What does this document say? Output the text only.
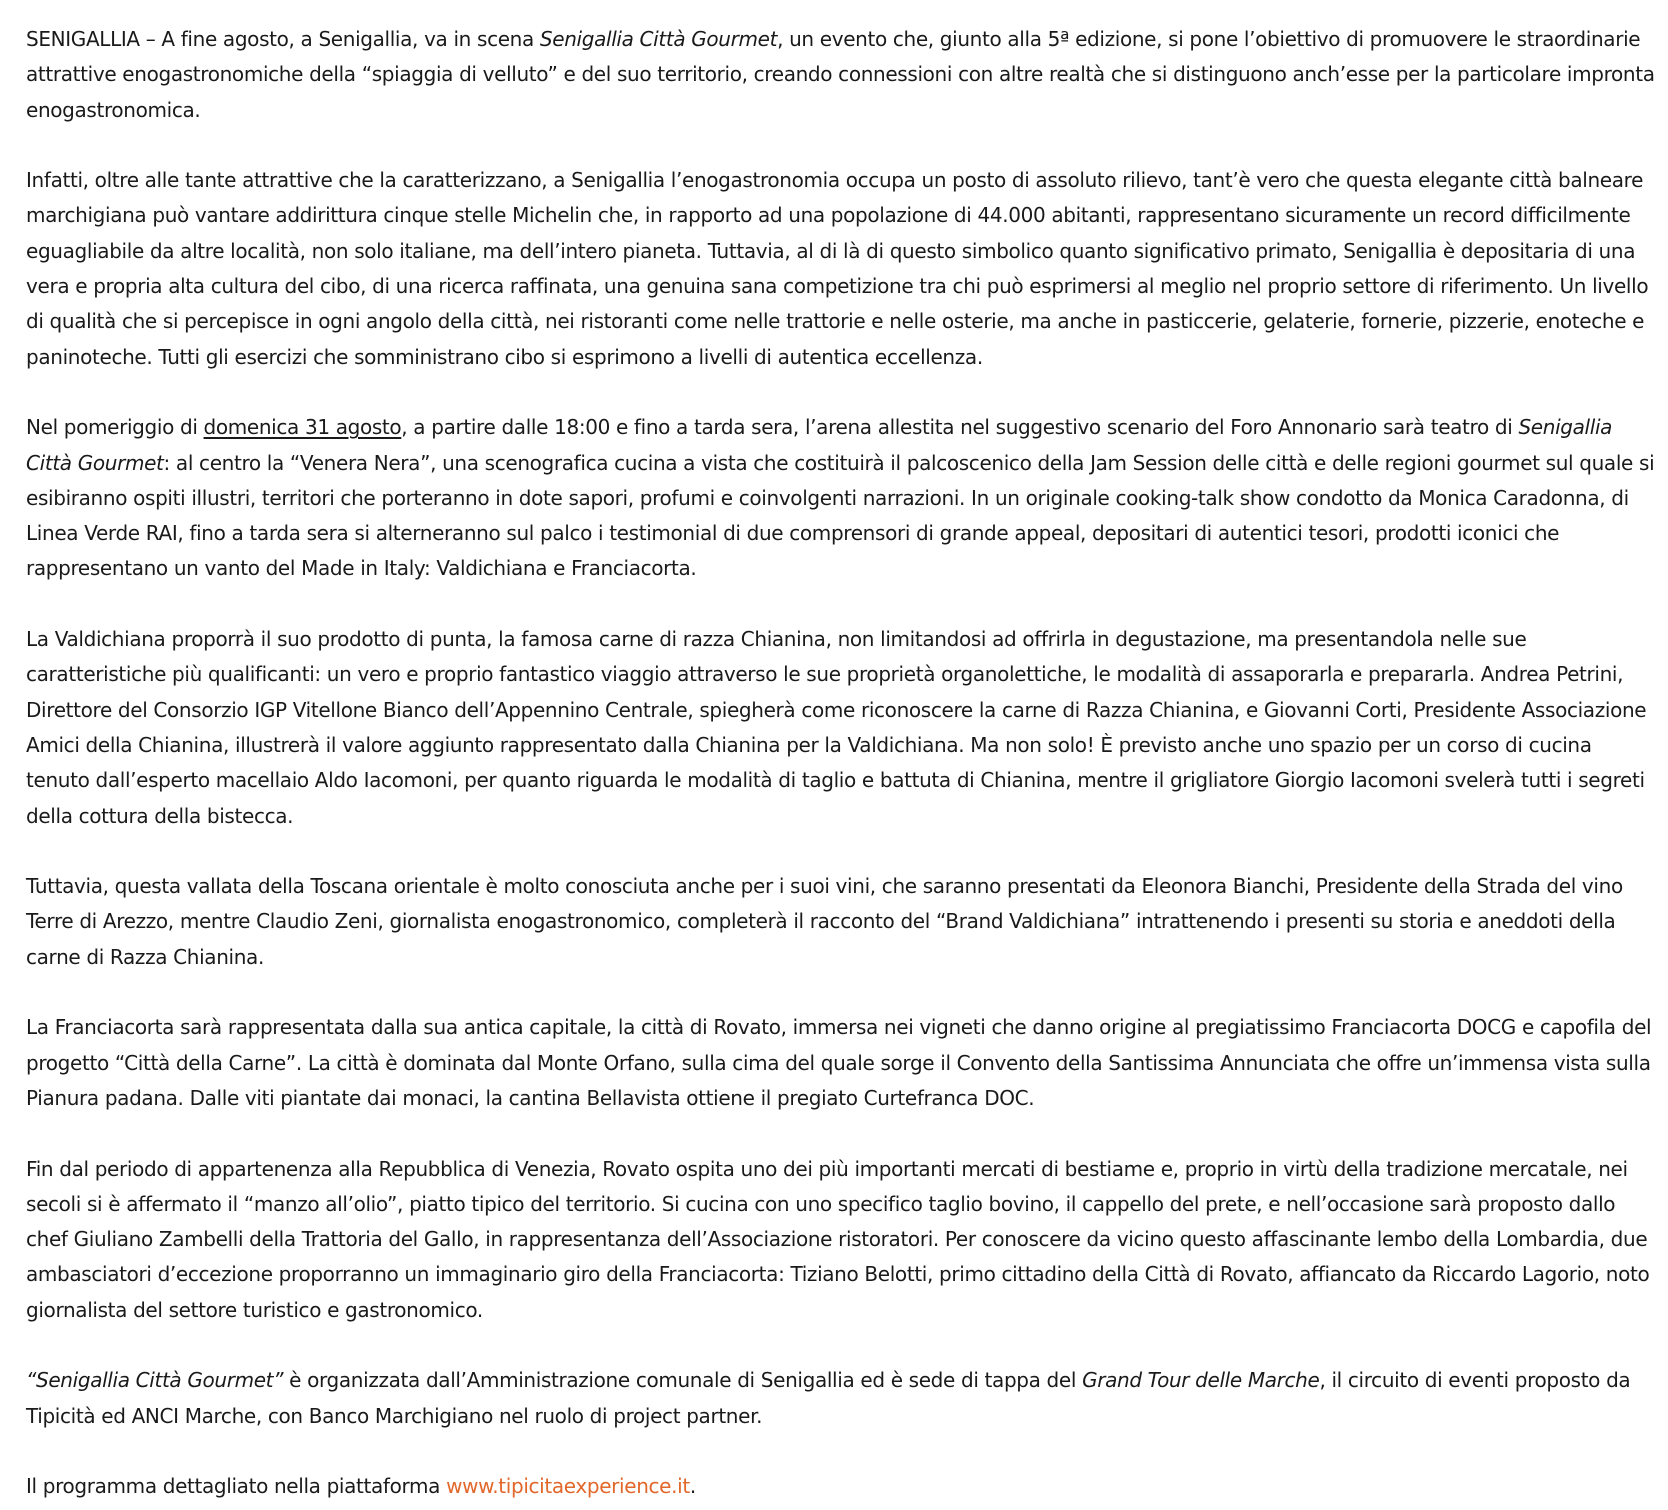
SENIGALLIA – A fine agosto, a Senigallia, va in scena Senigallia Città Gourmet, un evento che, giunto alla 5ª edizione, si pone l’obiettivo di promuovere le straordinarie attrattive enogastronomiche della “spiaggia di velluto” e del suo territorio, creando connessioni con altre realtà che si distinguono anch’esse per la particolare impronta enogastronomica.

Infatti, oltre alle tante attrattive che la caratterizzano, a Senigallia l’enogastronomia occupa un posto di assoluto rilievo, tant’è vero che questa elegante città balneare marchigiana può vantare addirittura cinque stelle Michelin che, in rapporto ad una popolazione di 44.000 abitanti, rappresentano sicuramente un record difficilmente eguagliabile da altre località, non solo italiane, ma dell’intero pianeta. Tuttavia, al di là di questo simbolico quanto significativo primato, Senigallia è depositaria di una vera e propria alta cultura del cibo, di una ricerca raffinata, una genuina sana competizione tra chi può esprimersi al meglio nel proprio settore di riferimento. Un livello di qualità che si percepisce in ogni angolo della città, nei ristoranti come nelle trattorie e nelle osterie, ma anche in pasticcerie, gelaterie, fornerie, pizzerie, enoteche e paninoteche. Tutti gli esercizi che somministrano cibo si esprimono a livelli di autentica eccellenza.

Nel pomeriggio di domenica 31 agosto, a partire dalle 18:00 e fino a tarda sera, l’arena allestita nel suggestivo scenario del Foro Annonario sarà teatro di Senigallia Città Gourmet: al centro la “Venera Nera”, una scenografica cucina a vista che costituirà il palcoscenico della Jam Session delle città e delle regioni gourmet sul quale si esibiranno ospiti illustri, territori che porteranno in dote sapori, profumi e coinvolgenti narrazioni. In un originale cooking-talk show condotto da Monica Caradonna, di Linea Verde RAI, fino a tarda sera si alterneranno sul palco i testimonial di due comprensori di grande appeal, depositari di autentici tesori, prodotti iconici che rappresentano un vanto del Made in Italy: Valdichiana e Franciacorta.

La Valdichiana proporrà il suo prodotto di punta, la famosa carne di razza Chianina, non limitandosi ad offrirla in degustazione, ma presentandola nelle sue caratteristiche più qualificanti: un vero e proprio fantastico viaggio attraverso le sue proprietà organolettiche, le modalità di assaporarla e prepararla. Andrea Petrini, Direttore del Consorzio IGP Vitellone Bianco dell’Appennino Centrale, spiegherà come riconoscere la carne di Razza Chianina, e Giovanni Corti, Presidente Associazione Amici della Chianina, illustrerà il valore aggiunto rappresentato dalla Chianina per la Valdichiana. Ma non solo! È previsto anche uno spazio per un corso di cucina tenuto dall’esperto macellaio Aldo Iacomoni, per quanto riguarda le modalità di taglio e battuta di Chianina, mentre il grigliatore Giorgio Iacomoni svelerà tutti i segreti della cottura della bistecca.

Tuttavia, questa vallata della Toscana orientale è molto conosciuta anche per i suoi vini, che saranno presentati da Eleonora Bianchi, Presidente della Strada del vino Terre di Arezzo, mentre Claudio Zeni, giornalista enogastronomico, completerà il racconto del “Brand Valdichiana” intrattenendo i presenti su storia e aneddoti della carne di Razza Chianina.

La Franciacorta sarà rappresentata dalla sua antica capitale, la città di Rovato, immersa nei vigneti che danno origine al pregiatissimo Franciacorta DOCG e capofila del progetto “Città della Carne”. La città è dominata dal Monte Orfano, sulla cima del quale sorge il Convento della Santissima Annunciata che offre un’immensa vista sulla Pianura padana. Dalle viti piantate dai monaci, la cantina Bellavista ottiene il pregiato Curtefranca DOC.

Fin dal periodo di appartenenza alla Repubblica di Venezia, Rovato ospita uno dei più importanti mercati di bestiame e, proprio in virtù della tradizione mercatale, nei secoli si è affermato il “manzo all’olio”, piatto tipico del territorio. Si cucina con uno specifico taglio bovino, il cappello del prete, e nell’occasione sarà proposto dallo chef Giuliano Zambelli della Trattoria del Gallo, in rappresentanza dell’Associazione ristoratori. Per conoscere da vicino questo affascinante lembo della Lombardia, due ambasciatori d’eccezione proporranno un immaginario giro della Franciacorta: Tiziano Belotti, primo cittadino della Città di Rovato, affiancato da Riccardo Lagorio, noto giornalista del settore turistico e gastronomico.

“Senigallia Città Gourmet” è organizzata dall’Amministrazione comunale di Senigallia ed è sede di tappa del Grand Tour delle Marche, il circuito di eventi proposto da Tipicità ed ANCI Marche, con Banco Marchigiano nel ruolo di project partner.

Il programma dettagliato nella piattaforma www.tipicitaexperience.it.
